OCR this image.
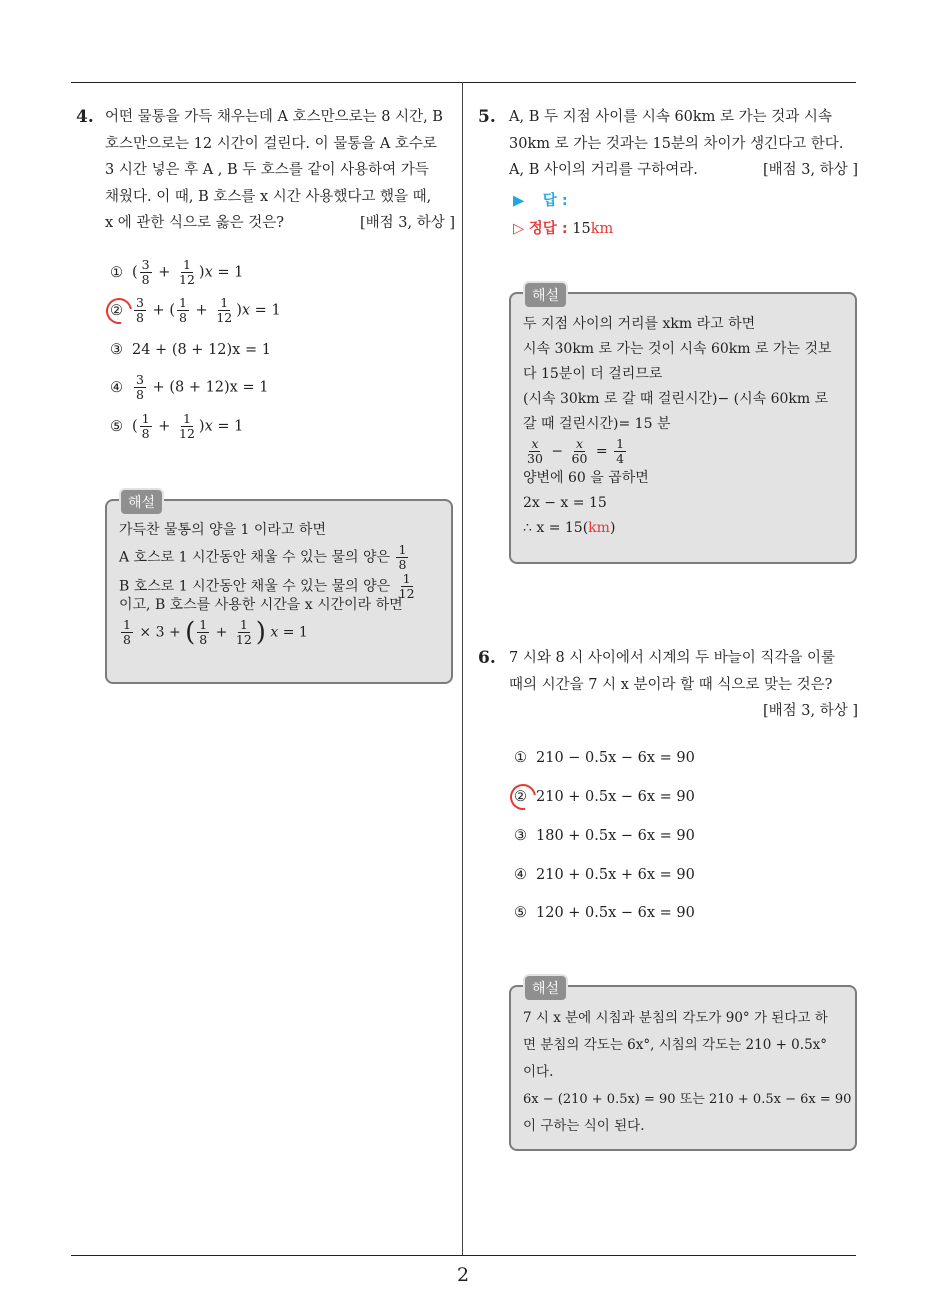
4. 어떤 물통을 가득 채우는데 A 호스만으로는 8 시간, B
호스만으로는 12 시간이 걸린다. 이 물통을 A 호수로
3 시간 넣은 후 A , B 두 호스를 같이 사용하여 가득
채웠다. 이 때, B 호스를 x 시간 사용했다고 했을 때,
x 에 관한 식으로 옳은 것은?	[배점 3, 하상 ]
① ( $\frac{3}{8} + \frac{1}{12} )x = 1$
② $\frac{3}{8}$ + ( $\frac{1}{8} + \frac{1}{12} )x = 1$
③ 24 + (8 + 12)x = 1
④ $\frac{3}{8} + (8 + 12)x = 1$
⑤ ( $\frac{1}{8} + \frac{1}{12} )x = 1$
해설
가득찬 물통의 양을 1 이라고 하면
A 호스로 1 시간동안 채울 수 있는 물의 양은 $\frac{1}{8}$
B 호스로 1 시간동안 채울 수 있는 물의 양은 $\frac{1}{12}$
이고, B 호스를 사용한 시간을 x 시간이라 하면
$\frac{1}{8} \times 3$ + ( $\frac{1}{8} + \frac{1}{12}$ ) x = 1
5. A, B 두 지점 사이를 시속 60km 로 가는 것과 시속
30km 로 가는 것과는 15분의 차이가 생긴다고 한다.
A, B 사이의 거리를 구하여라.	[배점 3, 하상 ]
▶ 답 :
▷ 정답 : 15km
해설
두 지점 사이의 거리를 xkm 라고 하면
시속 30km 로 가는 것이 시속 60km 로 가는 것보
다 15분이 더 걸리므로
(시속 30km 로 갈 때 걸린시간)− (시속 60km 로
갈 때 걸린시간)= 15 분
$\frac{x}{30} - \frac{x}{60} = \frac{1}{4}$
양변에 60 을 곱하면
2x − x = 15
∴ x = 15(km)
6. 7 시와 8 시 사이에서 시계의 두 바늘이 직각을 이룰
때의 시간을 7 시 x 분이라 할 때 식으로 맞는 것은?
[배점 3, 하상 ]
① 210 − 0.5x − 6x = 90
② 210 + 0.5x − 6x = 90
③ 180 + 0.5x − 6x = 90
④ 210 + 0.5x + 6x = 90
⑤ 120 + 0.5x − 6x = 90
해설
7 시 x 분에 시침과 분침의 각도가 90° 가 된다고 하
면 분침의 각도는 6x°, 시침의 각도는 210 + 0.5x°
이다.
6x − (210 + 0.5x) = 90 또는 210 + 0.5x − 6x = 90
이 구하는 식이 된다.
2
